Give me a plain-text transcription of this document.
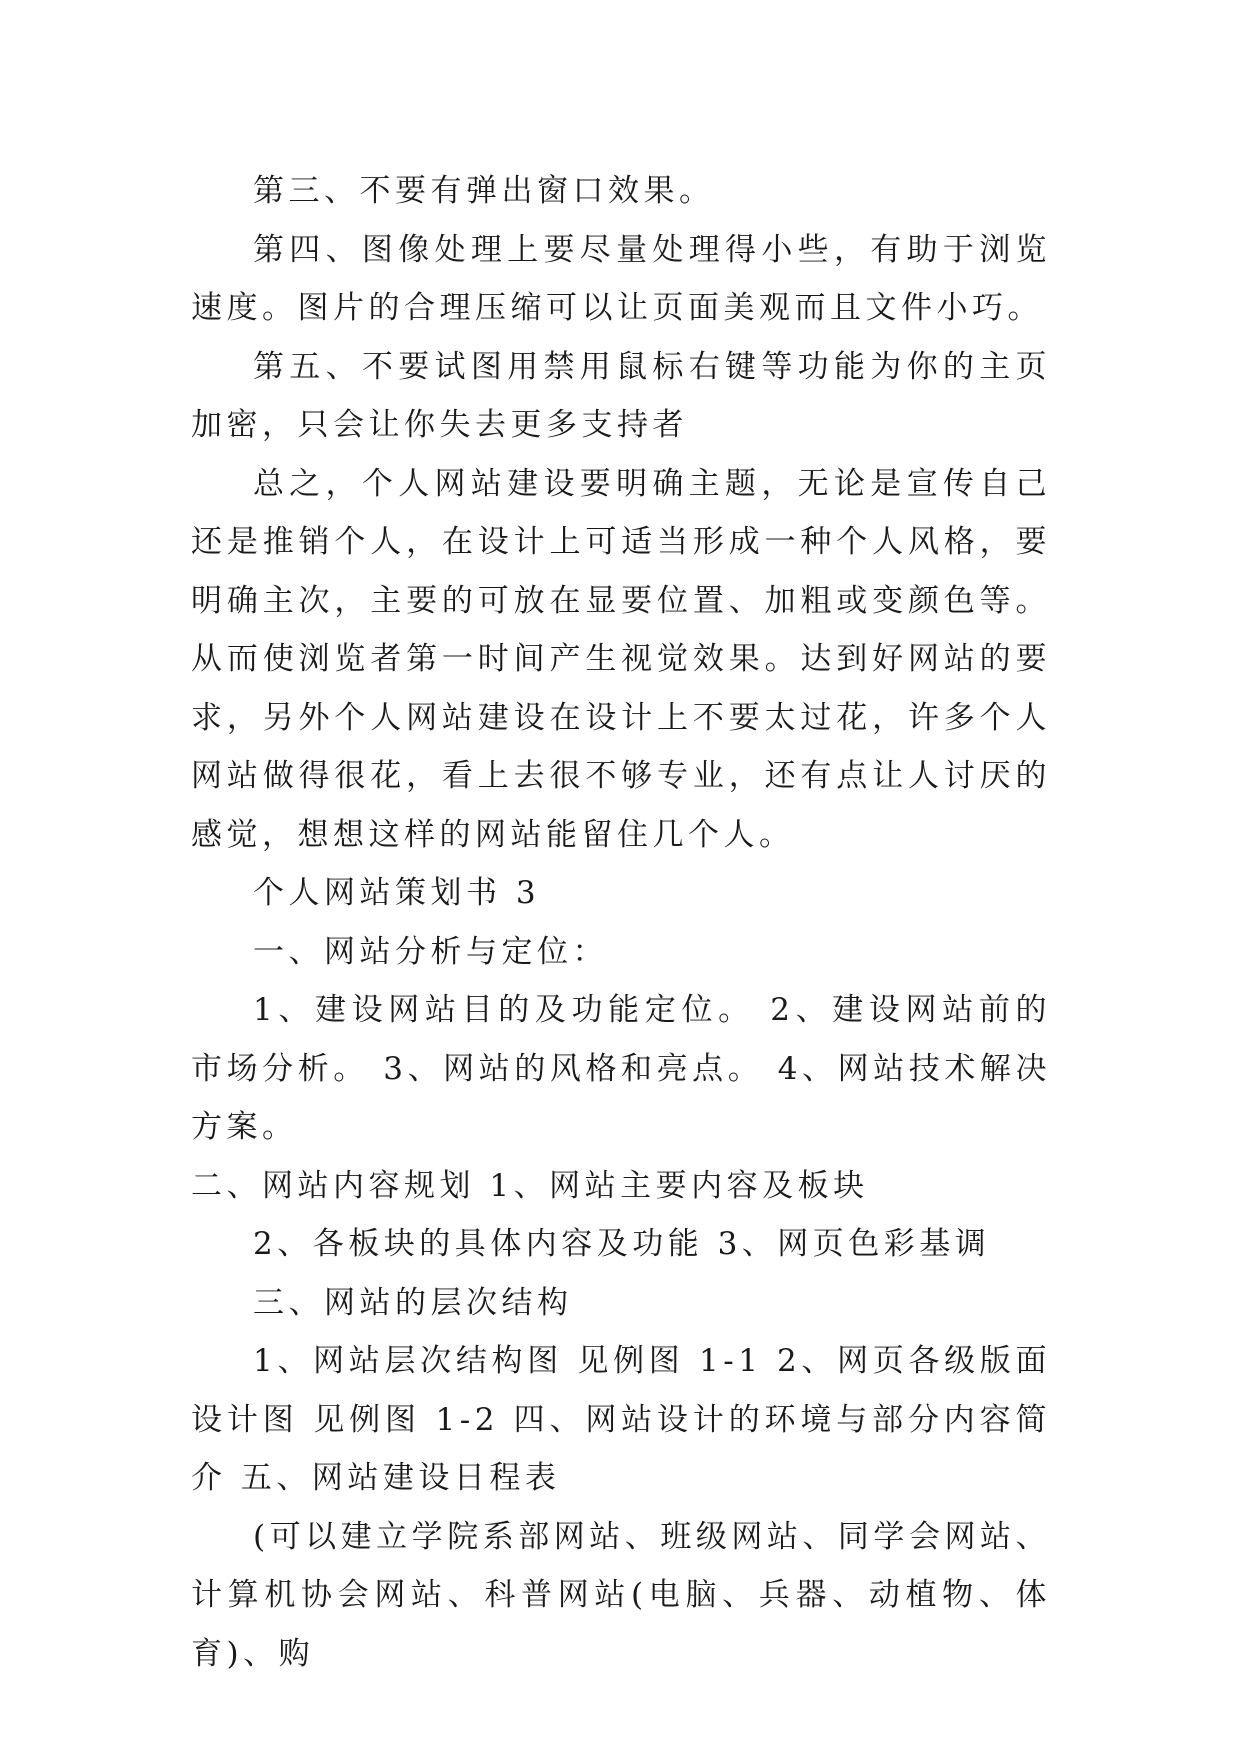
第三、不要有弹出窗口效果。

第四、图像处理上要尽量处理得小些，有助于浏览速度。图片的合理压缩可以让页面美观而且文件小巧。

第五、不要试图用禁用鼠标右键等功能为你的主页加密，只会让你失去更多支持者

总之，个人网站建设要明确主题，无论是宣传自己还是推销个人，在设计上可适当形成一种个人风格，要明确主次，主要的可放在显要位置、加粗或变颜色等。从而使浏览者第一时间产生视觉效果。达到好网站的要求，另外个人网站建设在设计上不要太过花，许多个人网站做得很花，看上去很不够专业，还有点让人讨厌的感觉，想想这样的网站能留住几个人。

个人网站策划书 3

一、网站分析与定位：

1、建设网站目的及功能定位。 2、建设网站前的市场分析。 3、网站的风格和亮点。 4、网站技术解决方案。

二、网站内容规划 1、网站主要内容及板块

2、各板块的具体内容及功能 3、网页色彩基调

三、网站的层次结构

1、网站层次结构图 见例图 1-1 2、网页各级版面设计图 见例图 1-2 四、网站设计的环境与部分内容简介 五、网站建设日程表

(可以建立学院系部网站、班级网站、同学会网站、计算机协会网站、科普网站(电脑、兵器、动植物、体育)、购
